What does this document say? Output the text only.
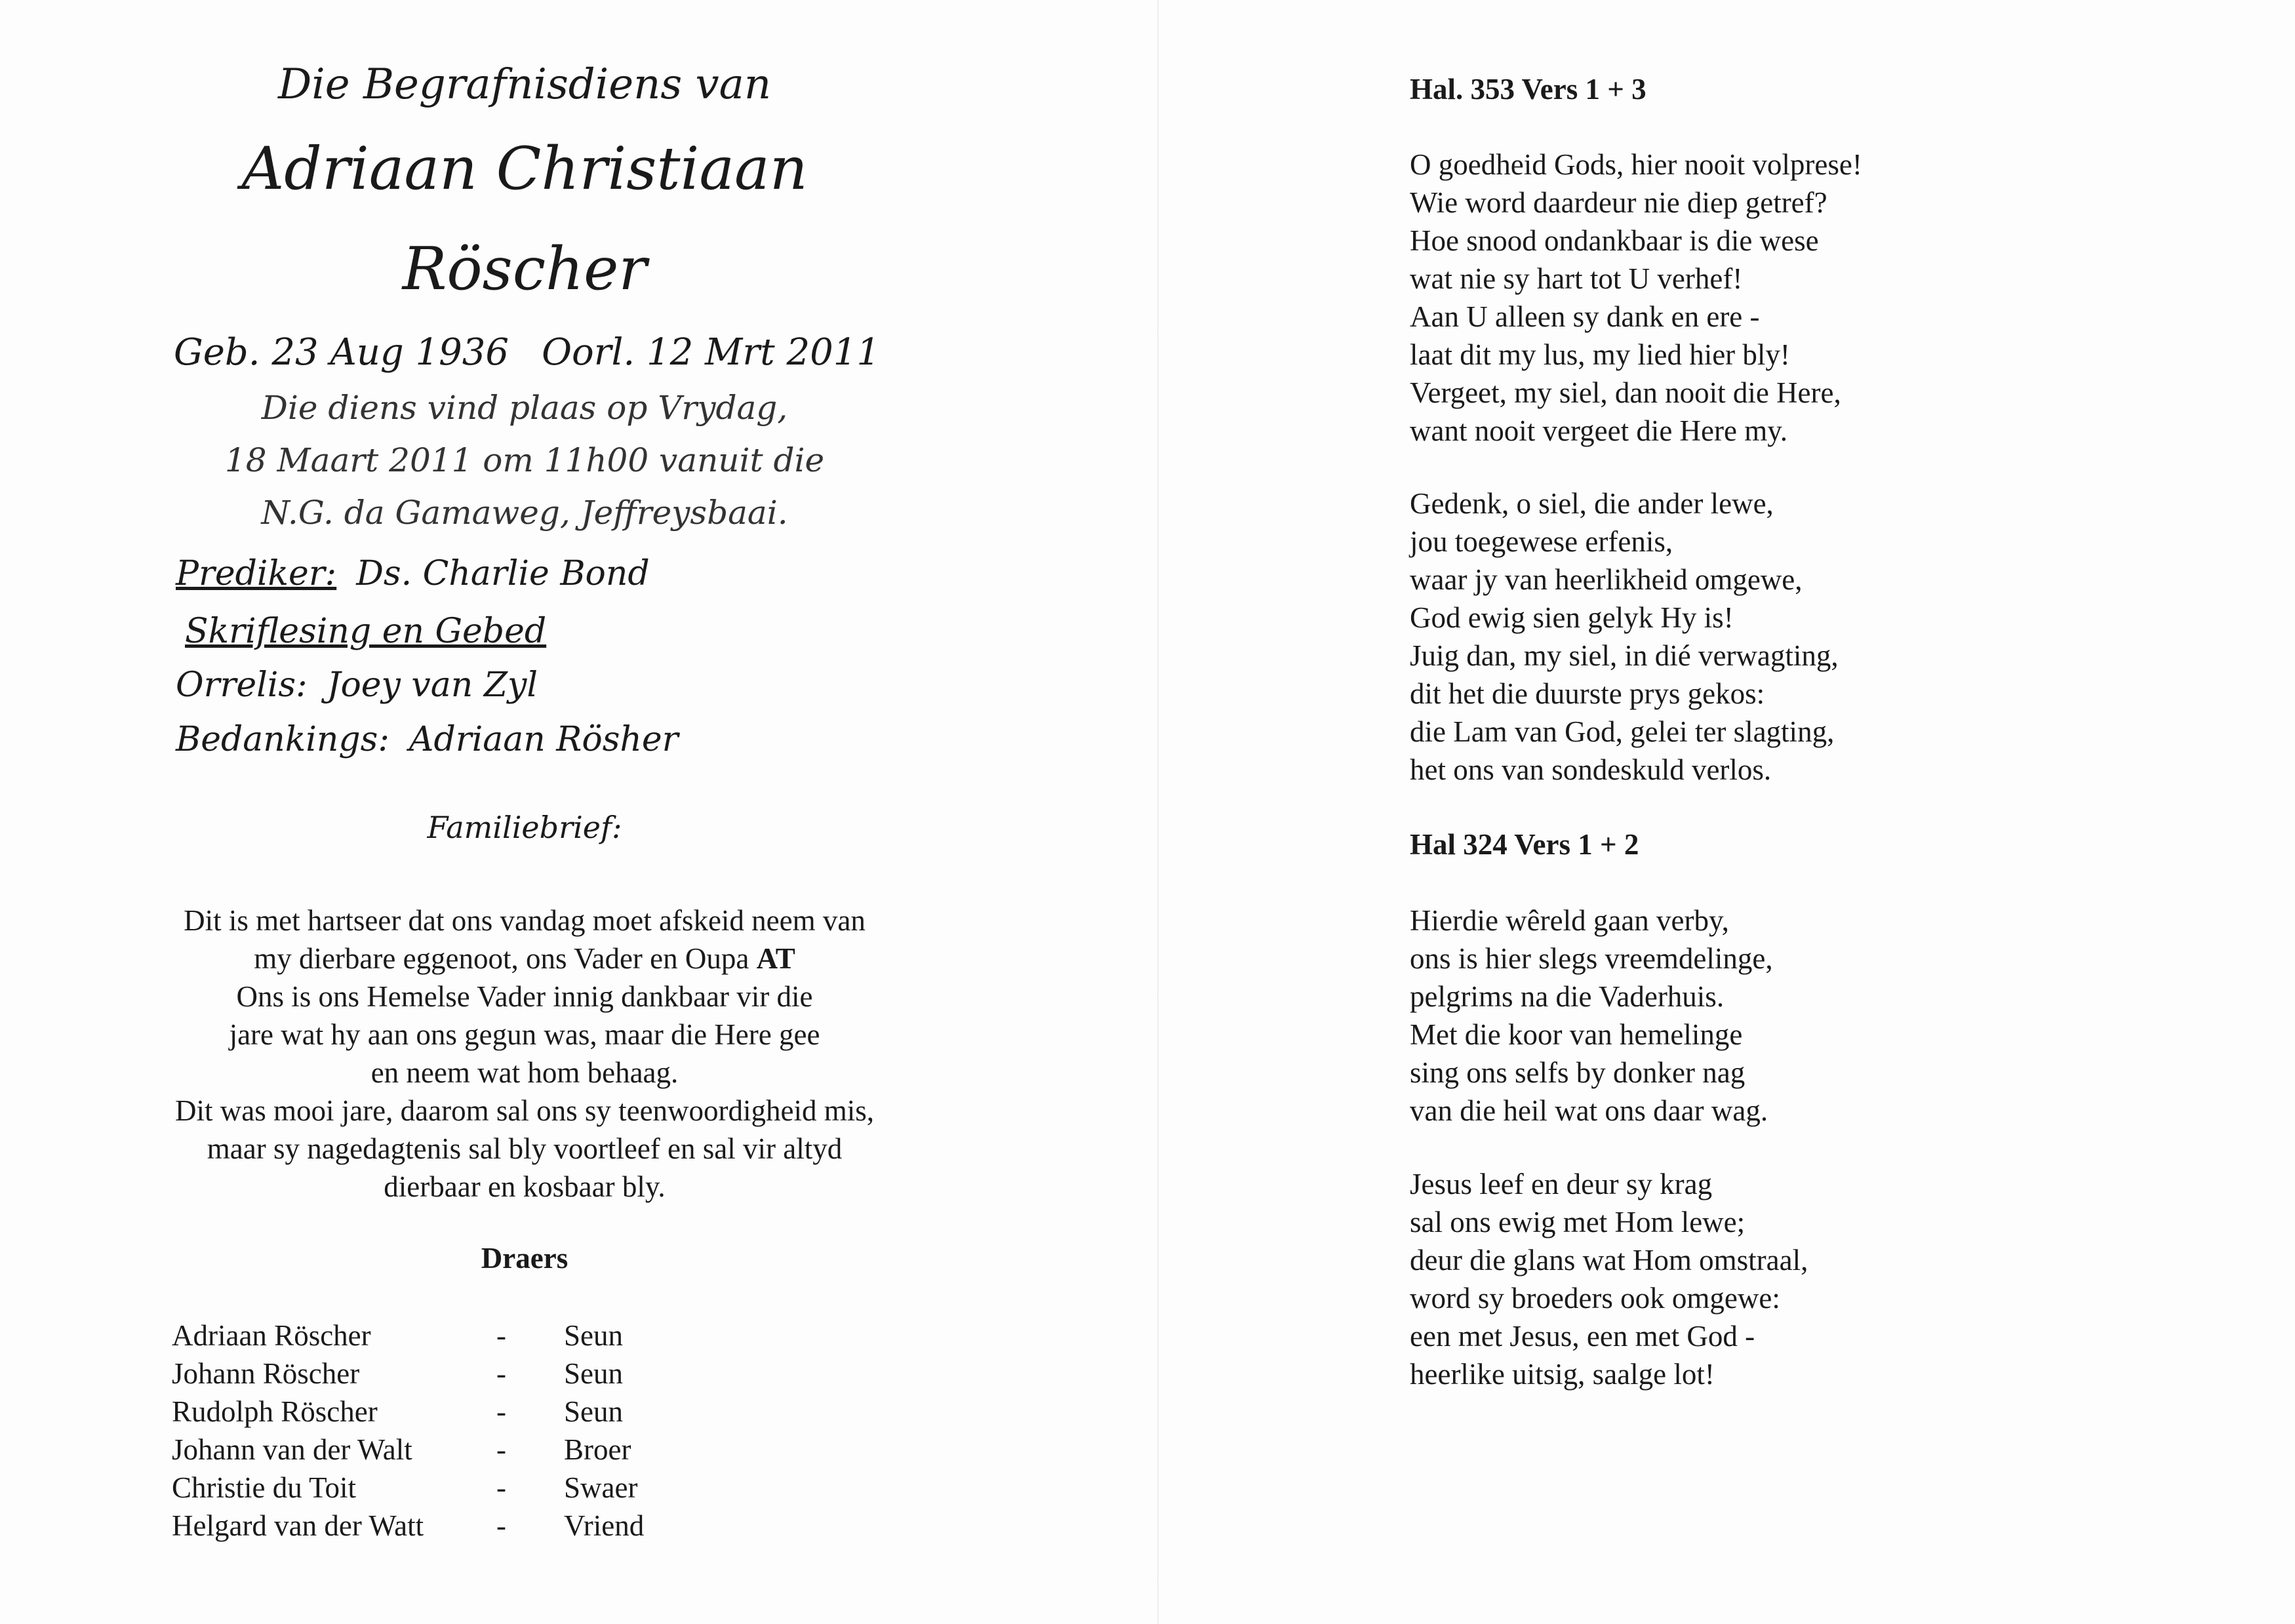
Die Begrafnisdiens van
Adriaan Christiaan
Röscher
Geb. 23 Aug 1936 Oorl. 12 Mrt 2011
Die diens vind plaas op Vrydag,
18 Maart 2011 om 11h00 vanuit die
N.G. da Gamaweg, Jeffreysbaai.
Prediker: Ds. Charlie Bond
Skriflesing en Gebed
Orrelis: Joey van Zyl
Bedankings: Adriaan Rösher
Familiebrief:
Dit is met hartseer dat ons vandag moet afskeid neem van
my dierbare eggenoot, ons Vader en Oupa AT
Ons is ons Hemelse Vader innig dankbaar vir die
jare wat hy aan ons gegun was, maar die Here gee
en neem wat hom behaag.
Dit was mooi jare, daarom sal ons sy teenwoordigheid mis,
maar sy nagedagtenis sal bly voortleef en sal vir altyd
dierbaar en kosbaar bly.
Draers
Adriaan Röscher	- Seun
Johann Röscher	- Seun
Rudolph Röscher	- Seun
Johann van der Walt	- Broer
Christie du Toit	- Swaer
Helgard van der Watt - Vriend
Hal. 353 Vers 1 + 3
O goedheid Gods, hier nooit volprese!
Wie word daardeur nie diep getref?
Hoe snood ondankbaar is die wese
wat nie sy hart tot U verhef!
Aan U alleen sy dank en ere -
laat dit my lus, my lied hier bly!
Vergeet, my siel, dan nooit die Here,
want nooit vergeet die Here my.
Gedenk, o siel, die ander lewe,
jou toegewese erfenis,
waar jy van heerlikheid omgewe,
God ewig sien gelyk Hy is!
Juig dan, my siel, in dié verwagting,
dit het die duurste prys gekos:
die Lam van God, gelei ter slagting,
het ons van sondeskuld verlos.
Hal 324 Vers 1 + 2
Hierdie wêreld gaan verby,
ons is hier slegs vreemdelinge,
pelgrims na die Vaderhuis.
Met die koor van hemelinge
sing ons selfs by donker nag
van die heil wat ons daar wag.
Jesus leef en deur sy krag
sal ons ewig met Hom lewe;
deur die glans wat Hom omstraal,
word sy broeders ook omgewe:
een met Jesus, een met God -
heerlike uitsig, saalge lot!
